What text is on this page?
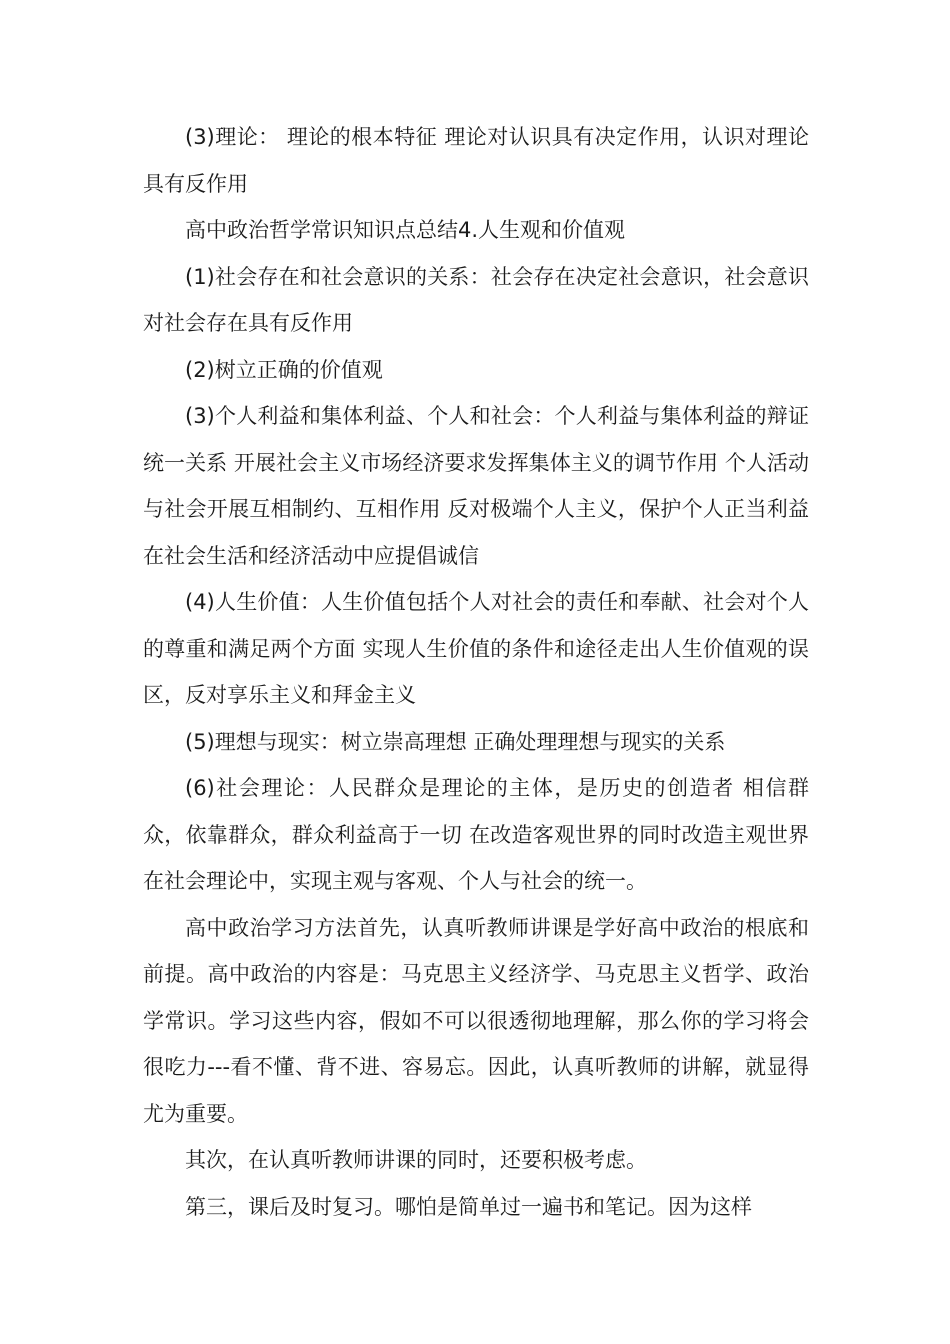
(3)理论： 理论的根本特征 理论对认识具有决定作用，认识对理论具有反作用

高中政治哲学常识知识点总结4.人生观和价值观

(1)社会存在和社会意识的关系：社会存在决定社会意识，社会意识对社会存在具有反作用

(2)树立正确的价值观

(3)个人利益和集体利益、个人和社会：个人利益与集体利益的辩证统一关系 开展社会主义市场经济要求发挥集体主义的调节作用 个人活动与社会开展互相制约、互相作用 反对极端个人主义，保护个人正当利益 在社会生活和经济活动中应提倡诚信

(4)人生价值：人生价值包括个人对社会的责任和奉献、社会对个人的尊重和满足两个方面 实现人生价值的条件和途径走出人生价值观的误区，反对享乐主义和拜金主义

(5)理想与现实：树立崇高理想 正确处理理想与现实的关系

(6)社会理论：人民群众是理论的主体，是历史的创造者 相信群众，依靠群众，群众利益高于一切 在改造客观世界的同时改造主观世界在社会理论中，实现主观与客观、个人与社会的统一。

高中政治学习方法首先，认真听教师讲课是学好高中政治的根底和前提。高中政治的内容是：马克思主义经济学、马克思主义哲学、政治学常识。学习这些内容，假如不可以很透彻地理解，那么你的学习将会很吃力---看不懂、背不进、容易忘。因此，认真听教师的讲解，就显得尤为重要。

其次，在认真听教师讲课的同时，还要积极考虑。

第三，课后及时复习。哪怕是简单过一遍书和笔记。因为这样
